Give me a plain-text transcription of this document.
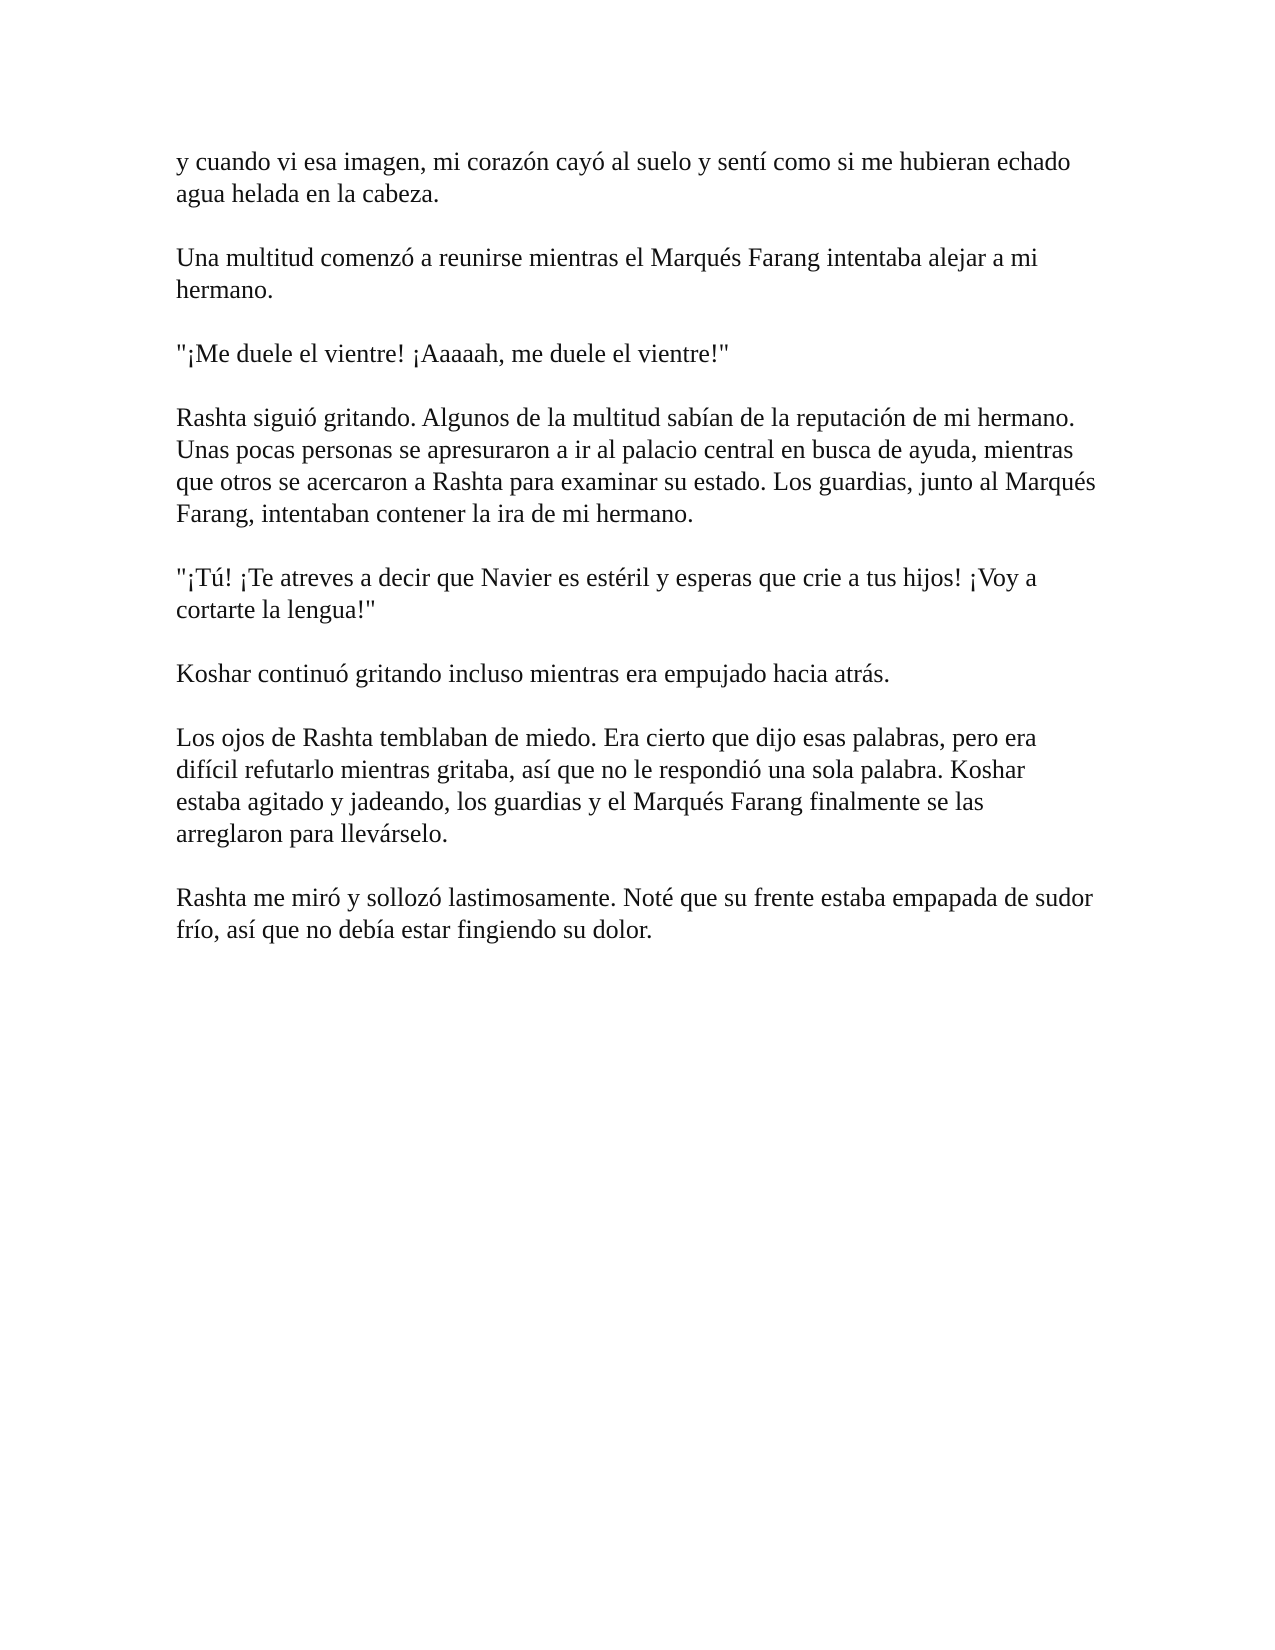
y cuando vi esa imagen, mi corazón cayó al suelo y sentí como si me hubieran echado agua helada en la cabeza.

Una multitud comenzó a reunirse mientras el Marqués Farang intentaba alejar a mi hermano.

"¡Me duele el vientre! ¡Aaaaah, me duele el vientre!"

Rashta siguió gritando. Algunos de la multitud sabían de la reputación de mi hermano. Unas pocas personas se apresuraron a ir al palacio central en busca de ayuda, mientras que otros se acercaron a Rashta para examinar su estado. Los guardias, junto al Marqués Farang, intentaban contener la ira de mi hermano.

"¡Tú! ¡Te atreves a decir que Navier es estéril y esperas que crie a tus hijos! ¡Voy a cortarte la lengua!"

Koshar continuó gritando incluso mientras era empujado hacia atrás.

Los ojos de Rashta temblaban de miedo. Era cierto que dijo esas palabras, pero era difícil refutarlo mientras gritaba, así que no le respondió una sola palabra. Koshar estaba agitado y jadeando, los guardias y el Marqués Farang finalmente se las arreglaron para llevárselo.

Rashta me miró y sollozó lastimosamente. Noté que su frente estaba empapada de sudor frío, así que no debía estar fingiendo su dolor.
